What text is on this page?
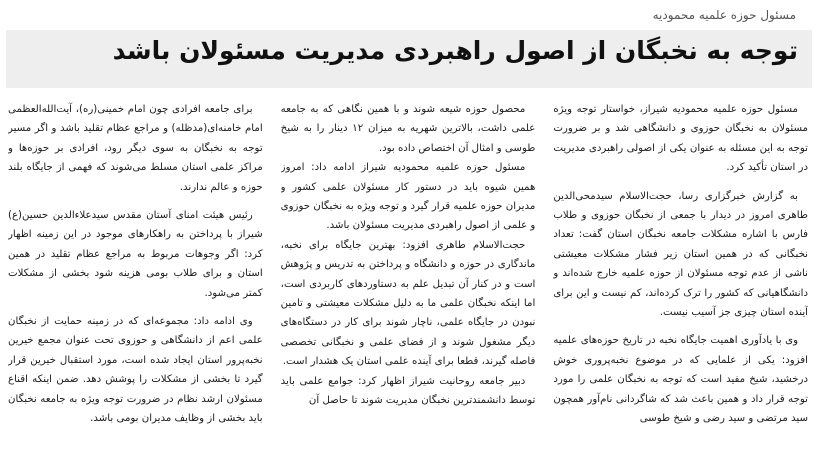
مسئول حوزه علمیه محمودیه
توجه به نخبگان از اصول راهبردی مدیریت مسئولان باشد

مسئول حوزه علمیه محمودیه شیراز، خواستار توجه ویژه مسئولان به نخبگان حوزوی و دانشگاهی شد و بر ضرورت توجه به این مسئله به عنوان یکی از اصولی راهبردی مدیریت در استان تأکید کرد.

به گزارش خبرگزاری رسا، حجت‌الاسلام سیدمحی‌الدین طاهری امروز در دیدار با جمعی از نخبگان حوزوی و طلاب فارس با اشاره مشکلات جامعه نخبگان استان گفت: تعداد نخبگانی که در همین استان زیر فشار مشکلات معیشتی ناشی از عدم توجه مسئولان از حوزه علمیه خارج شده‌اند و دانشگاهیانی که کشور را ترک کرده‌اند، کم نیست و این برای آینده استان چیزی جز آسیب نیست.

وی با یادآوری اهمیت جایگاه نخبه در تاریخ حوزه‌های علمیه افزود: یکی از علمایی که در موضوع نخبه‌پروری خوش درخشید، شیخ مفید است که توجه به نخبگان علمی را مورد توجه قرار داد و همین باعث شد که شاگردانی نام‌آور همچون سید مرتضی و سید رضی و شیخ طوسی

محصول حوزه شیعه شوند و با همین نگاهی که به جامعه علمی داشت، بالاترین شهریه به میزان ۱۲ دینار را به شیخ طوسی و امثال آن اختصاص داده بود.

مسئول حوزه علمیه محمودیه شیراز ادامه داد: امروز همین شیوه باید در دستور کار مسئولان علمی کشور و مدیران حوزه علمیه قرار گیرد و توجه ویژه به نخبگان حوزوی و علمی از اصول راهبردی مدیریت مسئولان باشد.

حجت‌الاسلام طاهری افزود: بهترین جایگاه برای نخبه، ماندگاری در حوزه و دانشگاه و پرداختن به تدریس و پژوهش است و در کنار آن تبدیل علم به دستاوردهای کاربردی است، اما اینکه نخبگان علمی ما به دلیل مشکلات معیشتی و تامین نبودن در جایگاه علمی، ناچار شوند برای کار در دستگاه‌های دیگر مشغول شوند و از فضای علمی و نخبگانی تخصصی فاصله گیرند، قطعا برای آینده علمی استان یک هشدار است.

دبیر جامعه روحانیت شیراز اظهار کرد: جوامع علمی باید توسط دانشمندترین نخبگان مدیریت شوند تا حاصل آن

برای جامعه افرادی چون امام خمینی(ره)، آیت‌الله‌العظمی امام خامنه‌ای(مدظله) و مراجع عظام تقلید باشد و اگر مسیر توجه به نخبگان به سوی دیگر رود، افرادی بر حوزه‌ها و مراکز علمی استان مسلط می‌شوند که فهمی از جایگاه بلند حوزه و عالم ندارند.

رئیس هیئت امنای آستان مقدس سیدعلاءالدین حسین(ع) شیراز با پرداختن به راهکارهای موجود در این زمینه اظهار کرد: اگر وجوهات مربوط به مراجع عظام تقلید در همین استان و برای طلاب بومی هزینه شود بخشی از مشکلات کمتر می‌شود.

وی ادامه داد: مجموعه‌ای که در زمینه حمایت از نخبگان علمی اعم از دانشگاهی و حوزوی تحت عنوان مجمع خیرین نخبه‌پرور استان ایجاد شده است، مورد استقبال خیرین قرار گیرد تا بخشی از مشکلات را پوشش دهد. ضمن اینکه اقناع مسئولان ارشد نظام در ضرورت توجه ویژه به جامعه نخبگان باید بخشی از وظایف مدیران بومی باشد.
